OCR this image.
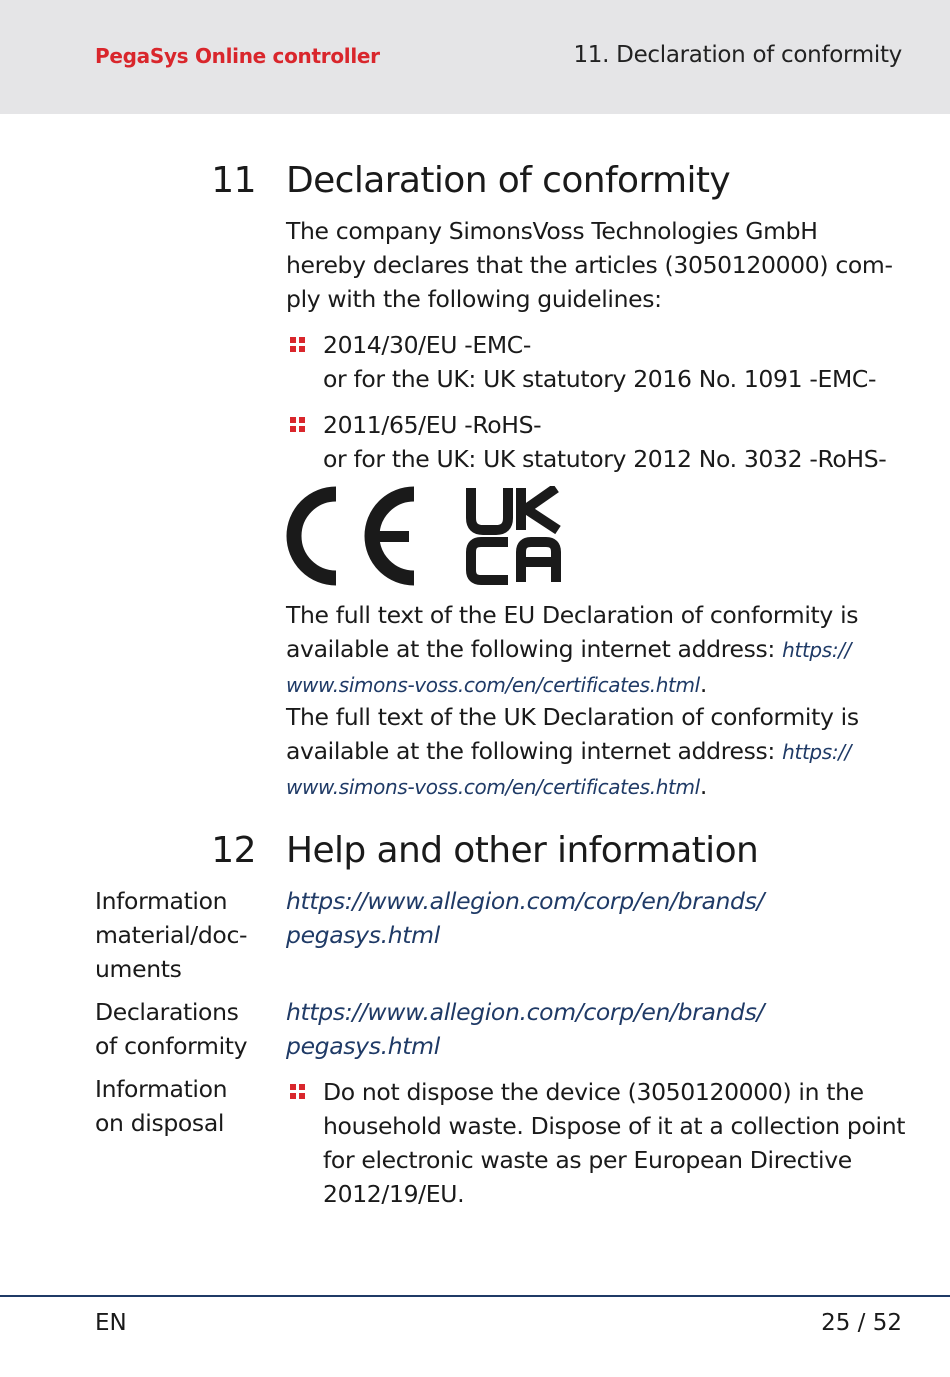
PegaSys Online controller	11. Declaration of conformity
11 Declaration of conformity
The company SimonsVoss Technologies GmbH
hereby declares that the articles (3050120000) com-
ply with the following guidelines:
2014/30/EU -EMC-
or for the UK: UK statutory 2016 No. 1091 -EMC-
2011/65/EU -RoHS-
or for the UK: UK statutory 2012 No. 3032 -RoHS-
The full text of the EU Declaration of conformity is
available at the following internet address: https://
www.simons-voss.com/en/certificates.html.
The full text of the UK Declaration of conformity is
available at the following internet address: https://
www.simons-voss.com/en/certificates.html.
12 Help and other information
Information
material/doc-
uments
https://www.allegion.com/corp/en/brands/
pegasys.html
Declarations
of conformity
https://www.allegion.com/corp/en/brands/
pegasys.html
Information
on disposal
Do not dispose the device (3050120000) in the
household waste. Dispose of it at a collection point
for electronic waste as per European Directive
2012/19/EU.
EN	25 / 52
